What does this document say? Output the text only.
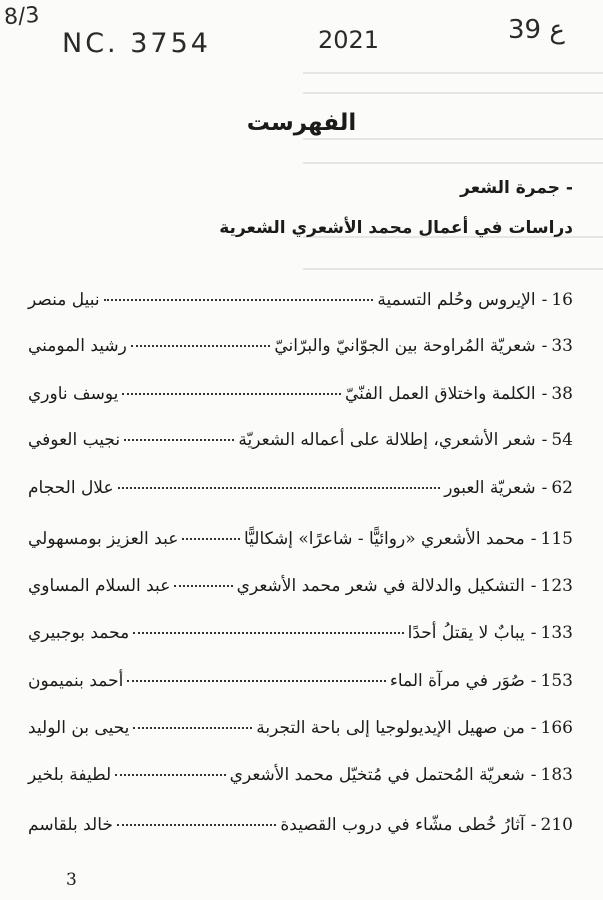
8/3
NC. 3754	2021	39 ع
الفهرست
- جمرة الشعر
دراسات في أعمال محمد الأشعري الشعرية
16
-
الإيروس وحُلم التسمية
نبيل منصر
33
-
شعريّة المُراوحة بين الجوّانيّ والبرّانيّ
رشيد المومني
38
-
الكلمة واختلاق العمل الفنّيّ
يوسف ناوري
54
-
شعر الأشعري، إطلالة على أعماله الشعريّة
نجيب العوفي
62
-
شعريّة العبور
علال الحجام
115
-
محمد الأشعري «روائيًّا - شاعرًا» إشكاليًّا
عبد العزيز بومسهولي
123
-
التشكيل والدلالة في شعر محمد الأشعري
عبد السلام المساوي
133
-
يبابٌ لا يقتلُ أحدًا
محمد بوجبيري
153
-
صُوَر في مرآة الماء
أحمد بنميمون
166
-
من صهيل الإيديولوجيا إلى باحة التجربة
يحيى بن الوليد
183
-
شعريّة المُحتمل في مُتخيّل محمد الأشعري
لطيفة بلخير
210
-
آثارُ خُطى مشّاء في دروب القصيدة
خالد بلقاسم
3
